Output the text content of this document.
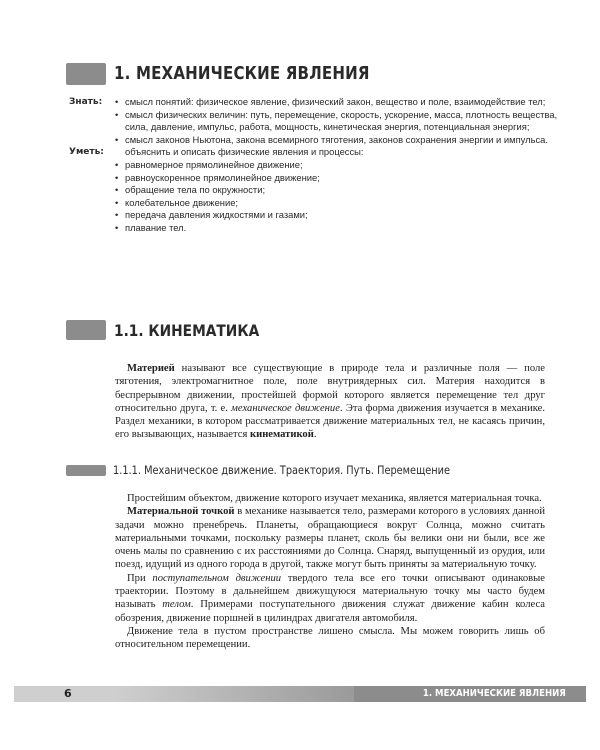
1. МЕХАНИЧЕСКИЕ ЯВЛЕНИЯ
Знать: • смысл понятий: физическое явление, физический закон, вещество и поле, взаимодействие тел;
• смысл физических величин: путь, перемещение, скорость, ускорение, масса, плотность вещества, сила, давление, импульс, работа, мощность, кинетическая энергия, потенциальная энергия;
• смысл законов Ньютона, закона всемирного тяготения, законов сохранения энергии и импульса.
Уметь:	объяснить и описать физические явления и процессы:
• равномерное прямолинейное движение;
• равноускоренное прямолинейное движение;
• обращение тела по окружности;
• колебательное движение;
• передача давления жидкостями и газами;
• плавание тел.
1.1. КИНЕМАТИКА

Материей называют все существующие в природе тела и различные поля — поле тяготения, электромагнитное поле, поле внутриядерных сил. Материя находится в беспрерывном движении, простейшей формой которого является перемещение тел друг относительно друга, т. е. механическое движение. Эта форма движения изучается в механике. Раздел механики, в котором рассматривается движение материальных тел, не касаясь причин, его вызывающих, называется кинематикой.

1.1.1. Механическое движение. Траектория. Путь. Перемещение

Простейшим объектом, движение которого изучает механика, является материальная точка.

Материальной точкой в механике называется тело, размерами которого в условиях данной задачи можно пренебречь. Планеты, обращающиеся вокруг Солнца, можно считать материальными точками, поскольку размеры планет, сколь бы велики они ни были, все же очень малы по сравнению с их расстояниями до Солнца. Снаряд, выпущенный из орудия, или поезд, идущий из одного города в другой, также могут быть приняты за материальную точку.

При поступательном движении твердого тела все его точки описывают одинаковые траектории. Поэтому в дальнейшем движущуюся материальную точку мы часто будем называть телом. Примерами поступательного движения служат движение кабин колеса обозрения, движение поршней в цилиндрах двигателя автомобиля.

Движение тела в пустом пространстве лишено смысла. Мы можем говорить лишь об относительном перемещении.

6	1. МЕХАНИЧЕСКИЕ ЯВЛЕНИЯ
